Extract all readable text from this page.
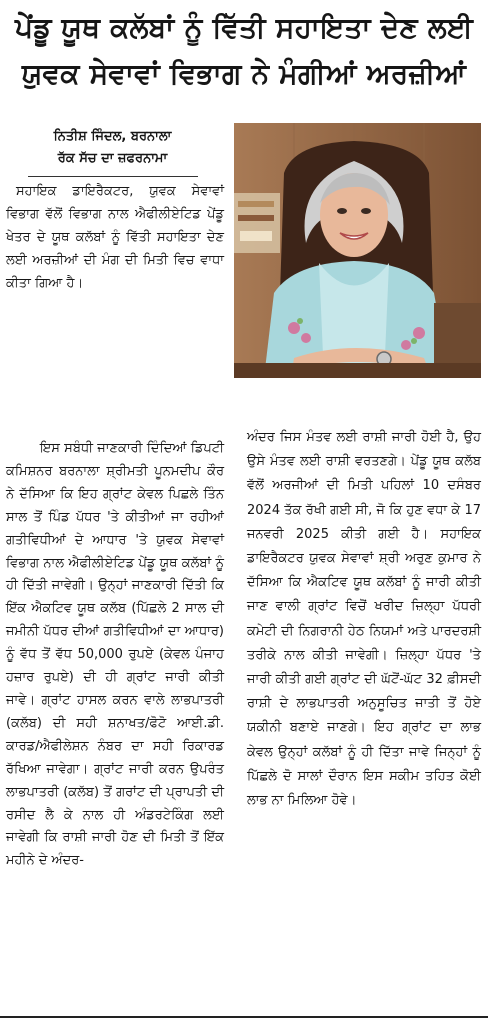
ਪੇਂਡੂ ਯੂਥ ਕਲੱਬਾਂ ਨੂੰ ਵਿੱਤੀ ਸਹਾਇਤਾ ਦੇਣ ਲਈ
ਯੁਵਕ ਸੇਵਾਵਾਂ ਵਿਭਾਗ ਨੇ ਮੰਗੀਆਂ ਅਰਜ਼ੀਆਂ
ਨਿਤੀਸ਼ ਜਿੰਦਲ, ਬਰਨਾਲਾ
ਰੱਕ ਸੱਚ ਦਾ ਜ਼ਫਰਨਾਮਾ

ਸਹਾਇਕ ਡਾਇਰੈਕਟਰ, ਯੁਵਕ ਸੇਵਾਵਾਂ ਵਿਭਾਗ ਵੱਲੋਂ ਵਿਭਾਗ ਨਾਲ ਐਫੀਲੀਏਟਿਡ ਪੇਂਡੂ ਖੇਤਰ ਦੇ ਯੂਥ ਕਲੱਬਾਂ ਨੂੰ ਵਿੱਤੀ ਸਹਾਇਤਾ ਦੇਣ ਲਈ ਅਰਜ਼ੀਆਂ ਦੀ ਮੰਗ ਦੀ ਮਿਤੀ ਵਿਚ ਵਾਧਾ ਕੀਤਾ ਗਿਆ ਹੈ।

ਇਸ ਸਬੰਧੀ ਜਾਣਕਾਰੀ ਦਿੰਦਿਆਂ ਡਿਪਟੀ ਕਮਿਸ਼ਨਰ ਬਰਨਾਲਾ ਸ਼੍ਰੀਮਤੀ ਪੂਨਮਦੀਪ ਕੌਰ ਨੇ ਦੱਸਿਆ ਕਿ ਇਹ ਗ੍ਰਾਂਟ ਕੇਵਲ ਪਿਛਲੇ ਤਿੰਨ ਸਾਲ ਤੋਂ ਪਿੰਡ ਪੱਧਰ 'ਤੇ ਕੀਤੀਆਂ ਜਾ ਰਹੀਆਂ ਗਤੀਵਿਧੀਆਂ ਦੇ ਆਧਾਰ 'ਤੇ ਯੁਵਕ ਸੇਵਾਵਾਂ ਵਿਭਾਗ ਨਾਲ ਐਫੀਲੀਏਟਿਡ ਪੇਂਡੂ ਯੂਥ ਕਲੱਬਾਂ ਨੂੰ ਹੀ ਦਿੱਤੀ ਜਾਵੇਗੀ। ਉਨ੍ਹਾਂ ਜਾਣਕਾਰੀ ਦਿੱਤੀ ਕਿ ਇੱਕ ਐਕਟਿਵ ਯੂਥ ਕਲੱਬ (ਪਿੱਛਲੇ 2 ਸਾਲ ਦੀ ਜਮੀਨੀ ਪੱਧਰ ਦੀਆਂ ਗਤੀਵਿਧੀਆਂ ਦਾ ਆਧਾਰ) ਨੂੰ ਵੱਧ ਤੋਂ ਵੱਧ 50,000 ਰੁਪਏ (ਕੇਵਲ ਪੰਜਾਹ ਹਜ਼ਾਰ ਰੁਪਏ) ਦੀ ਹੀ ਗ੍ਰਾਂਟ ਜਾਰੀ ਕੀਤੀ ਜਾਵੇ। ਗ੍ਰਾਂਟ ਹਾਸਲ ਕਰਨ ਵਾਲੇ ਲਾਭਪਾਤਰੀ (ਕਲੱਬ) ਦੀ ਸਹੀ ਸ਼ਨਾਖਤ/ਫੋਟੋ ਆਈ.ਡੀ. ਕਾਰਡ/ਐਫੀਲੇਸ਼ਨ ਨੰਬਰ ਦਾ ਸਹੀ ਰਿਕਾਰਡ ਰੱਖਿਆ ਜਾਵੇਗਾ। ਗ੍ਰਾਂਟ ਜਾਰੀ ਕਰਨ ਉਪਰੰਤ ਲਾਭਪਾਤਰੀ (ਕਲੱਬ) ਤੋਂ ਗਰਾਂਟ ਦੀ ਪ੍ਰਾਪਤੀ ਦੀ ਰਸੀਦ ਲੈ ਕੇ ਨਾਲ ਹੀ ਅੰਡਰਟੇਕਿੰਗ ਲਈ ਜਾਵੇਗੀ ਕਿ ਰਾਸ਼ੀ ਜਾਰੀ ਹੋਣ ਦੀ ਮਿਤੀ ਤੋਂ ਇੱਕ ਮਹੀਨੇ ਦੇ ਅੰਦਰ-

ਅੰਦਰ ਜਿਸ ਮੰਤਵ ਲਈ ਰਾਸ਼ੀ ਜਾਰੀ ਹੋਈ ਹੈ, ਉਹ ਉਸੇ ਮੰਤਵ ਲਈ ਰਾਸ਼ੀ ਵਰਤਣਗੇ। ਪੇਂਡੂ ਯੂਥ ਕਲੱਬ ਵੱਲੋਂ ਅਰਜੀਆਂ ਦੀ ਮਿਤੀ ਪਹਿਲਾਂ 10 ਦਸੰਬਰ 2024 ਤੱਕ ਰੱਖੀ ਗਈ ਸੀ, ਜੋ ਕਿ ਹੁਣ ਵਧਾ ਕੇ 17 ਜਨਵਰੀ 2025 ਕੀਤੀ ਗਈ ਹੈ। ਸਹਾਇਕ ਡਾਇਰੈਕਟਰ ਯੁਵਕ ਸੇਵਾਵਾਂ ਸ਼੍ਰੀ ਅਰੁਣ ਕੁਮਾਰ ਨੇ ਦੱਸਿਆ ਕਿ ਐਕਟਿਵ ਯੂਥ ਕਲੱਬਾਂ ਨੂੰ ਜਾਰੀ ਕੀਤੀ ਜਾਣ ਵਾਲੀ ਗ੍ਰਾਂਟ ਵਿਚੋਂ ਖਰੀਦ ਜ਼ਿਲ੍ਹਾ ਪੱਧਰੀ ਕਮੇਟੀ ਦੀ ਨਿਗਰਾਨੀ ਹੇਠ ਨਿਯਮਾਂ ਅਤੇ ਪਾਰਦਰਸ਼ੀ ਤਰੀਕੇ ਨਾਲ ਕੀਤੀ ਜਾਵੇਗੀ। ਜ਼ਿਲ੍ਹਾ ਪੱਧਰ 'ਤੇ ਜਾਰੀ ਕੀਤੀ ਗਈ ਗ੍ਰਾਂਟ ਦੀ ਘੱਟੋਂ-ਘੱਟ 32 ਫ਼ੀਸਦੀ ਰਾਸ਼ੀ ਦੇ ਲਾਭਪਾਤਰੀ ਅਨੁਸੂਚਿਤ ਜਾਤੀ ਤੋਂ ਹੋਏ ਯਕੀਨੀ ਬਣਾਏ ਜਾਣਗੇ। ਇਹ ਗ੍ਰਾਂਟ ਦਾ ਲਾਭ ਕੇਵਲ ਉਨ੍ਹਾਂ ਕਲੱਬਾਂ ਨੂੰ ਹੀ ਦਿੱਤਾ ਜਾਵੇ ਜਿਨ੍ਹਾਂ ਨੂੰ ਪਿੱਛਲੇ ਦੋ ਸਾਲਾਂ ਦੌਰਾਨ ਇਸ ਸਕੀਮ ਤਹਿਤ ਕੋਈ ਲਾਭ ਨਾ ਮਿਲਿਆ ਹੋਵੇ।
